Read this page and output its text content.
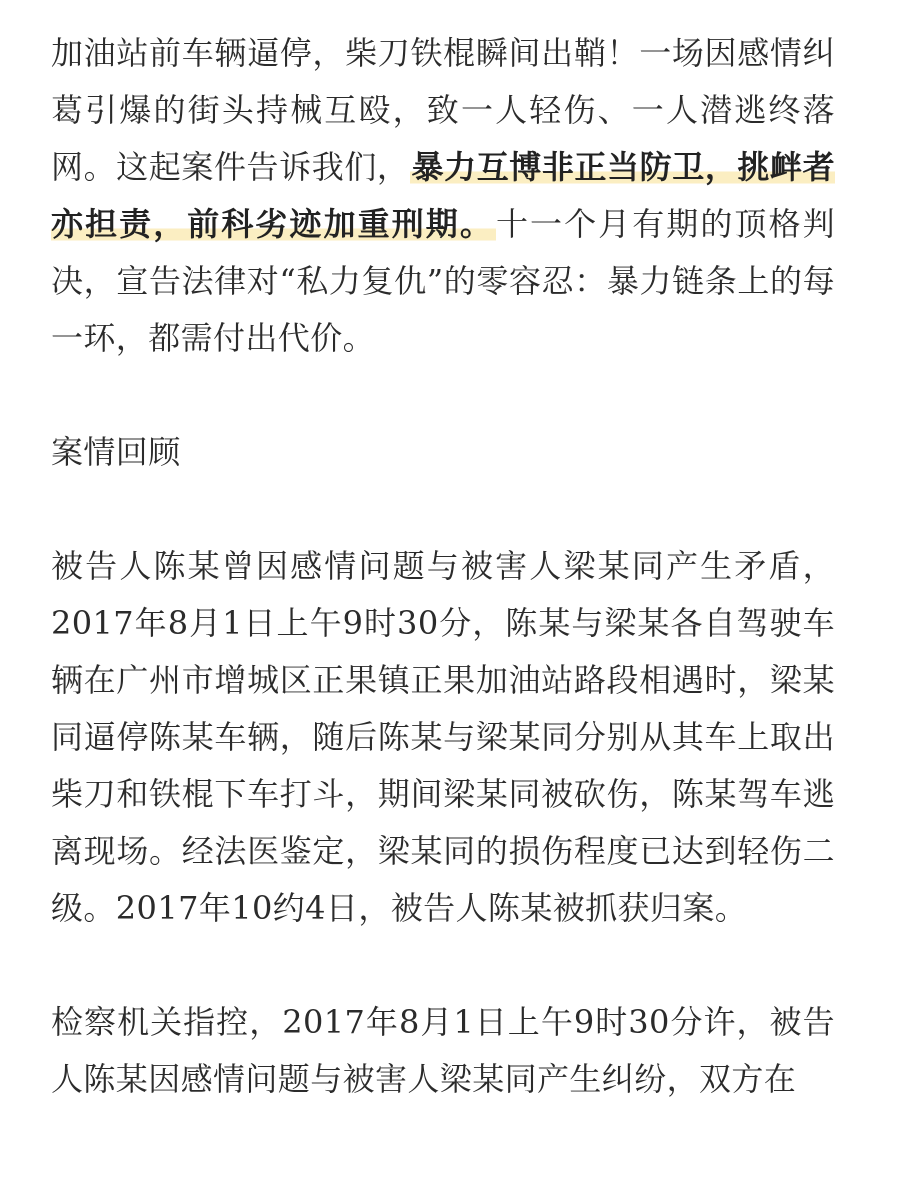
加油站前车辆逼停，柴刀铁棍瞬间出鞘！一场因感情纠葛引爆的街头持械互殴，致一人轻伤、一人潜逃终落网。这起案件告诉我们，暴力互博非正当防卫，挑衅者亦担责，前科劣迹加重刑期。十一个月有期的顶格判决，宣告法律对“私力复仇”的零容忍：暴力链条上的每一环，都需付出代价。

案情回顾

被告人陈某曾因感情问题与被害人梁某同产生矛盾，2017年8月1日上午9时30分，陈某与梁某各自驾驶车辆在广州市增城区正果镇正果加油站路段相遇时，梁某同逼停陈某车辆，随后陈某与梁某同分别从其车上取出柴刀和铁棍下车打斗，期间梁某同被砍伤，陈某驾车逃离现场。经法医鉴定，梁某同的损伤程度已达到轻伤二级。2017年10约4日，被告人陈某被抓获归案。

检察机关指控，2017年8月1日上午9时30分许，被告人陈某因感情问题与被害人梁某同产生纠纷，双方在
